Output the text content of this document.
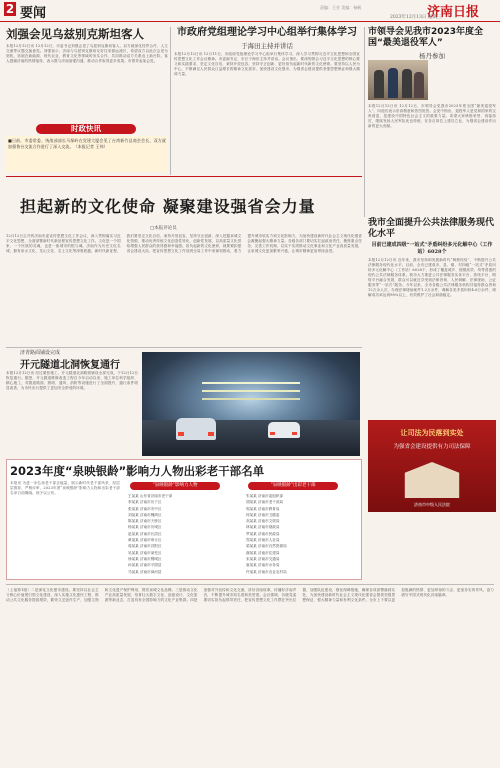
2 要闻	济南日报
2023年12月13日 星期三
责编：王芳 美编：杨帆
刘强会见乌兹别克斯坦客人
本报12月12日讯 12月12日，市委书记刘强会见了乌兹别克斯坦客人，双方就深化经贸合作、人文交流等议题交换意见。刘强表示，济南与乌兹别克斯坦友好往来源远流长，希望双方以此次会见为契机，拓展在新能源、现代农业、教育文化等领域的务实合作，共同推动双方关系迈上新台阶。客人感谢济南的热情接待，表示愿与济南加强沟通，推动合作取得更多成果。市领导参加会见。
市政府党组理论学习中心组举行集体学习
于海田主持并讲话
本报12月12日讯 12月11日，市政府党组理论学习中心组举行集体学习，深入学习贯彻习近平文化思想和全国宣传思想文化工作会议精神。市委副书记、市长于海田主持并讲话。会议指出，要深刻领会习近平文化思想的核心要义和实践要求，坚定文化自信，秉持开放包容，坚持守正创新，更好担负起新时代新的文化使命。要坚持以人民为中心，不断满足人民群众日益增长的精神文化需求，加快建设文化强市，为强省会建设提供坚强思想保证和强大精神力量。
市领导会见我市2023年度全国“最美退役军人”
杨丹参加
本报12月12日讯 12月12日，市领导会见我市2023年度全国“最美退役军人”，向他们表示崇高敬意和热烈祝贺。会见中指出，退役军人是党和国家的宝贵财富，是建设中国特色社会主义的重要力量。希望大家珍惜荣誉、再接再厉，继续发扬人民军队优良传统，在各自岗位上建功立业，为强省会建设作出新的更大贡献。
时政快讯
■日前，市委常委、统战部部长马保岭在党建大厦会见了台湾新竹县商会会长，双方就加强鲁台交流合作进行了深入交流。（本报记者 王伟）
担起新的文化使命 凝聚建设强省会力量
□本报评论员
12月12日召开的济南市委宣传思想文化工作会议，深入贯彻落实习近平文化思想，全面部署新时代新征程宣传思想文化工作。文化是一个国家、一个民族的灵魂，也是一座城市的根与魂。济南作为历史文化名城，拥有泉水文化、龙山文化、名士文化等深厚底蕴。新时代新征程，我们要坚定文化自信，秉持开放包容，坚持守正创新，深入挖掘泉城文化资源，推动优秀传统文化创造性转化、创新性发展，以高质量文化供给增强人民群众的获得感和幸福感。担负起新的文化使命，就要紧扣强省会建设大局，把宣传思想文化工作放到全局工作中来谋划推动，着力提升城市软实力和文化影响力，为加快建设新时代社会主义现代化强省会凝聚起强大精神力量。各级各部门要切实扛起政治责任，聚焦重点任务，完善工作机制，以实干实绩推动文化事业和文化产业高质量发展，让泉城文化更加繁荣兴盛，让城市精神更加昂扬奋进。
我市全面提升公共法律服务现代化水平
目前已建成四级“一站式”矛盾纠纷多元化解中心（工作站）6028个
本报12月12日讯 近年来，我市坚持和发展新时代“枫桥经验”，不断提升公共法律服务现代化水平。目前，全市已建成市、县、镇、村四级“一站式”矛盾纠纷多元化解中心（工作站）6028个，形成了覆盖城乡、便捷高效、均等普惠的现代公共法律服务体系。我市大力推进公共法律服务实体平台、热线平台、网络平台融合发展，群众可以就近享受到法律咨询、人民调解、法律援助、公证服务等“一站式”服务。今年以来，全市各级公共法律服务机构共接待群众咨询12万余人次，办理法律援助案件1.2万余件，调解各类矛盾纠纷4.6万余件，调解成功率达到98%以上，有效维护了社会和谐稳定。
济青路面铺设完成
开元隧道北洞恢复通行
本报12月12日讯 经过紧张施工，开元隧道北洞路面铺设全部完成，于12月12日恢复通行。据悉，开元隧道维修改造工程自今年启动以来，施工单位科学组织、精心施工，对隧道路面、照明、通风、消防等设施进行了全面提升，通行条件明显改善，为市民出行提供了更加安全舒适的环境。
让司法为民落到实处
为强省会建设提供有力司法保障
济南市中级人民法院
2023年度“泉映银龄”影响力人物出彩老干部名单
本报讯 为进一步弘扬老干部正能量，展示新时代老干部风采，经层层推荐、严格评审，2023年度“泉映银龄”影响力人物和出彩老干部名单日前揭晓。现予以公布。
“泉映银龄”影响力人物	“泉映银龄”出彩老干部
王某某 山东省济南市老干部
李某某 济南市历下区
张某某 济南市市中区
刘某某 济南市槐荫区
陈某某 济南市天桥区
杨某某 济南市历城区
赵某某 济南市长清区
黄某某 济南市章丘区
周某某 济南市济阳区
吴某某 济南市莱芜区
徐某某 济南市钢城区
孙某某 济南市平阴县
马某某 济南市商河县
朱某某 济南市委组织部
胡某某 济南市老干部局
郭某某 济南市教育局
何某某 济南市卫健委
高某某 济南市文旅局
林某某 济南市财政局
罗某某 济南市民政局
郑某某 济南市人社局
梁某某 济南市自然资源局
谢某某 济南市住建局
宋某某 济南市交通局
唐某某 济南市水务局
许某某 济南市农业农村局
（上接第1版）二是深化文化强市建设。要坚持以社会主义核心价值观引领文化建设，深入实施文化惠民工程，推动公共文化服务提质增效，繁荣文艺创作生产，加强文物和文化遗产保护利用，擦亮泉城文化品牌。三是推动文化产业高质量发展，培育壮大数字文化、创意设计、文化旅游等新业态，打造具有全国影响力的文化产业集群。四是加强对外宣传和文化交流，讲好济南故事，传播好济南声音，不断提升城市知名度和美誉度。会议强调，各级党委要切实担负起领导责任，把宣传思想文化工作摆在突出位置，加强队伍建设，强化保障措施，确保各项部署落到实处，为加快建设新时代社会主义现代化强省会提供坚强思想保证、强大精神力量和有利文化条件。全市上下要以更加饱满的热情、更加昂扬的斗志、更加务实的作风，奋力谱写中国式现代化济南篇章。
